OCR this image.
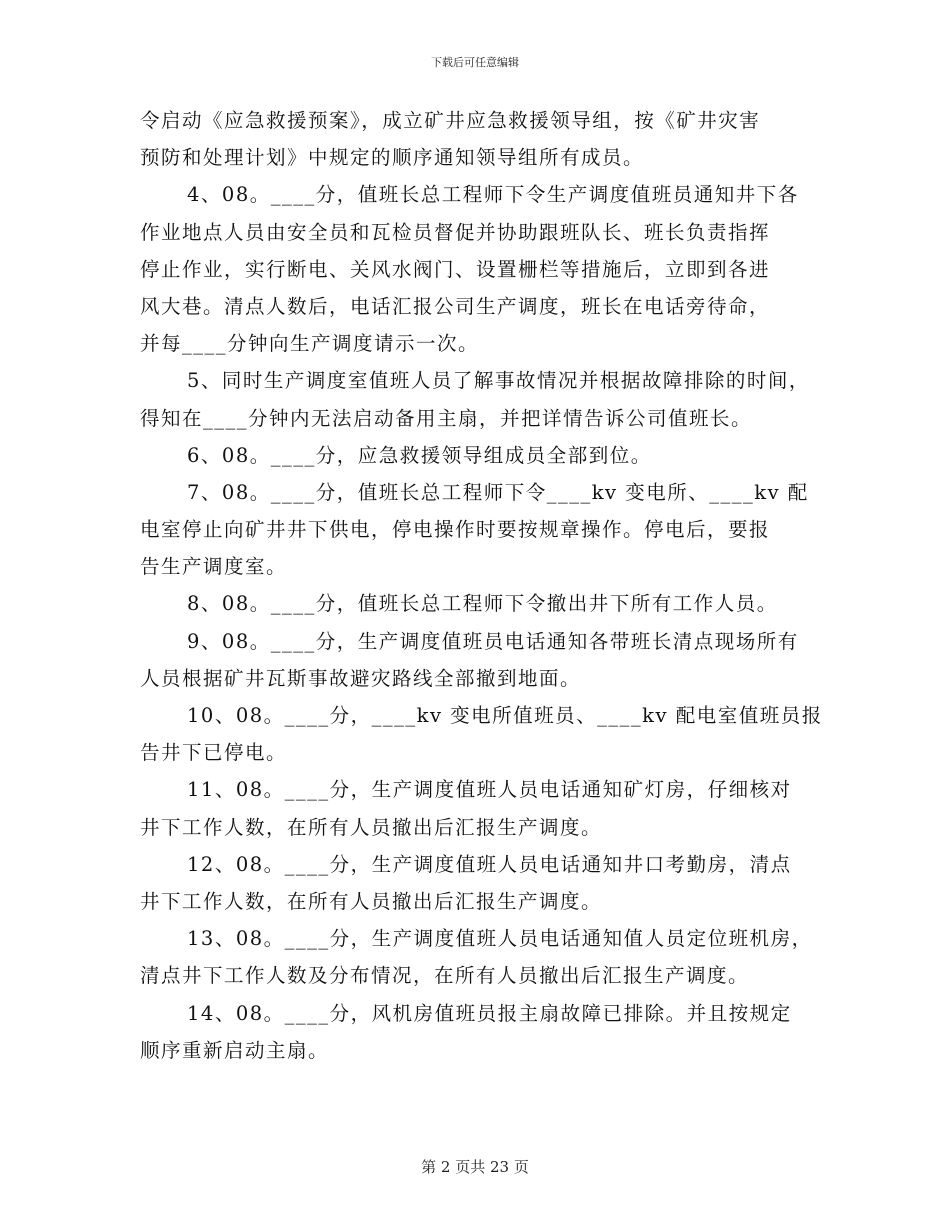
下载后可任意编辑

令启动《应急救援预案》，成立矿井应急救援领导组，按《矿井灾害

预防和处理计划》中规定的顺序通知领导组所有成员。

4、08。____分，值班长总工程师下令生产调度值班员通知井下各

作业地点人员由安全员和瓦检员督促并协助跟班队长、班长负责指挥

停止作业，实行断电、关风水阀门、设置栅栏等措施后，立即到各进

风大巷。清点人数后，电话汇报公司生产调度，班长在电话旁待命，

并每____分钟向生产调度请示一次。

5、同时生产调度室值班人员了解事故情况并根据故障排除的时间，

得知在____分钟内无法启动备用主扇，并把详情告诉公司值班长。

6、08。____分，应急救援领导组成员全部到位。

7、08。____分，值班长总工程师下令____kv 变电所、____kv 配

电室停止向矿井井下供电，停电操作时要按规章操作。停电后，要报

告生产调度室。

8、08。____分，值班长总工程师下令撤出井下所有工作人员。

9、08。____分，生产调度值班员电话通知各带班长清点现场所有

人员根据矿井瓦斯事故避灾路线全部撤到地面。

10、08。____分，____kv 变电所值班员、____kv 配电室值班员报

告井下已停电。

11、08。____分，生产调度值班人员电话通知矿灯房，仔细核对

井下工作人数，在所有人员撤出后汇报生产调度。

12、08。____分，生产调度值班人员电话通知井口考勤房，清点

井下工作人数，在所有人员撤出后汇报生产调度。

13、08。____分，生产调度值班人员电话通知值人员定位班机房，

清点井下工作人数及分布情况，在所有人员撤出后汇报生产调度。

14、08。____分，风机房值班员报主扇故障已排除。并且按规定

顺序重新启动主扇。

第 2 页共 23 页
